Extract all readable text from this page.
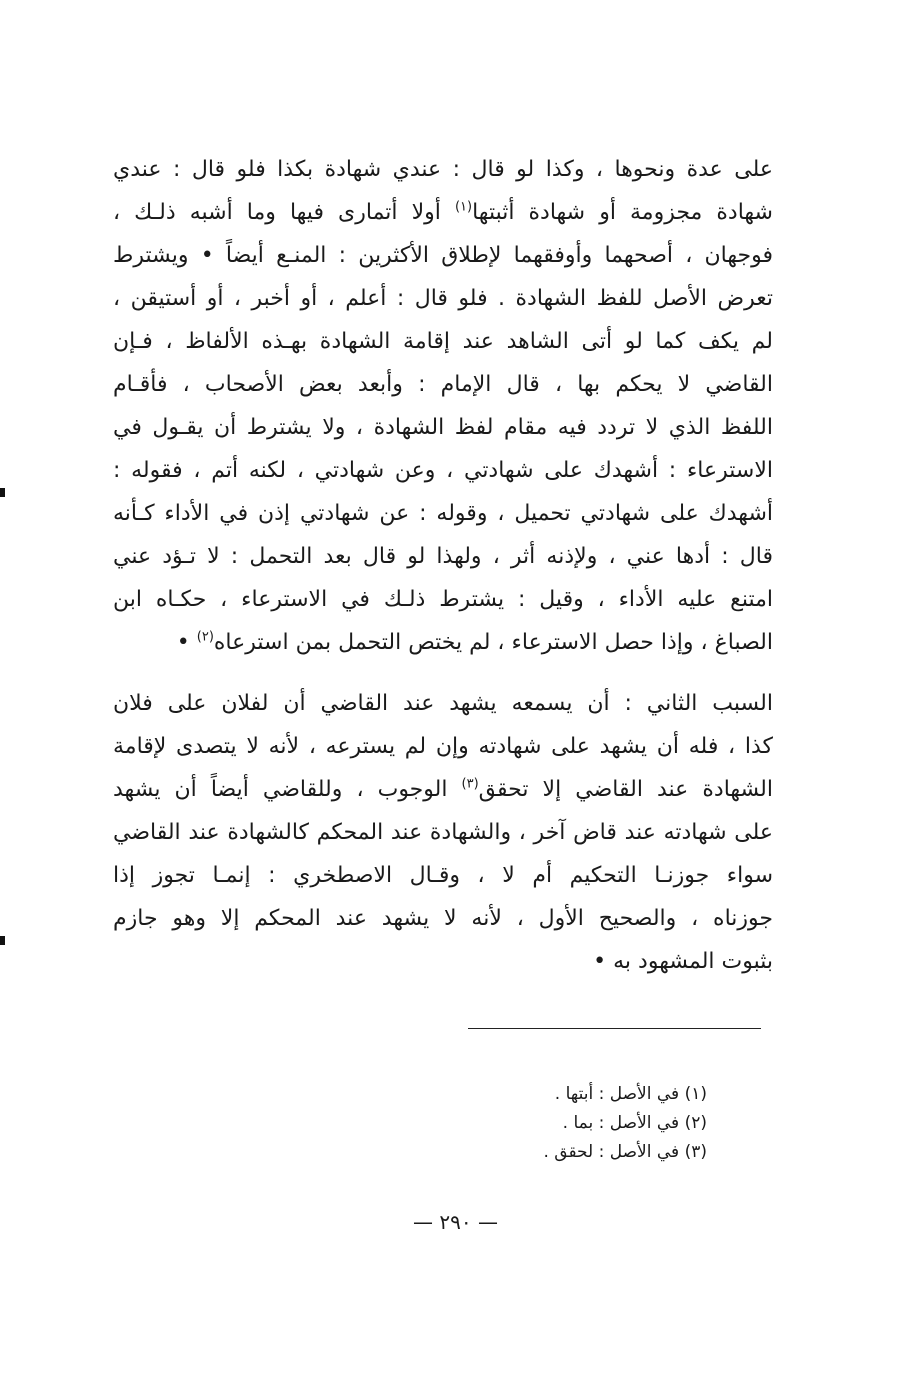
على عدة ونحوها ، وكذا لو قال : عندي شهادة بكذا فلو قال : عندي
شهادة مجزومة أو شهادة أثبتها$^{(١)}$ أولا أتمارى فيها وما أشبه ذلـك ،
فوجهان ، أصحهما وأوفقهما لإطلاق الأكثرين : المنـع أيضاً • ويشترط
تعرض الأصل للفظ الشهادة . فلو قال : أعلم ، أو أخبر ، أو أستيقن ،
لم يكف كما لو أتى الشاهد عند إقامة الشهادة بهـذه الألفاظ ، فـإن
القاضي لا يحكم بها ، قال الإمام : وأبعد بعض الأصحاب ، فأقـام
اللفظ الذي لا تردد فيه مقام لفظ الشهادة ، ولا يشترط أن يقـول في
الاسترعاء : أشهدك على شهادتي ، وعن شهادتي ، لكنه أتم ، فقوله :
أشهدك على شهادتي تحميل ، وقوله : عن شهادتي إذن في الأداء كـأنه
قال : أدها عني ، ولإذنه أثر ، ولهذا لو قال بعد التحمل : لا تـؤد عني
امتنع عليه الأداء ، وقيل : يشترط ذلـك في الاسترعاء ، حكـاه ابن
الصباغ ، وإذا حصل الاسترعاء ، لم يختص التحمل بمن استرعاه$^{(٢)}$ •
السبب الثاني : أن يسمعه يشهد عند القاضي أن لفلان على فلان
كذا ، فله أن يشهد على شهادته وإن لم يسترعه ، لأنه لا يتصدى لإقامة
الشهادة عند القاضي إلا تحقق$^{(٣)}$ الوجوب ، وللقاضي أيضاً أن يشهد
على شهادته عند قاض آخر ، والشهادة عند المحكم كالشهادة عند القاضي
سواء جوزنـا التحكيم أم لا ، وقـال الاصطخري : إنمـا تجوز إذا
جوزناه ، والصحيح الأول ، لأنه لا يشهد عند المحكم إلا وهو جازم
بثبوت المشهود به •
(١) في الأصل : أبتها .
(٢) في الأصل : بما .
(٣) في الأصل : لحقق .
— ٢٩٠ —
